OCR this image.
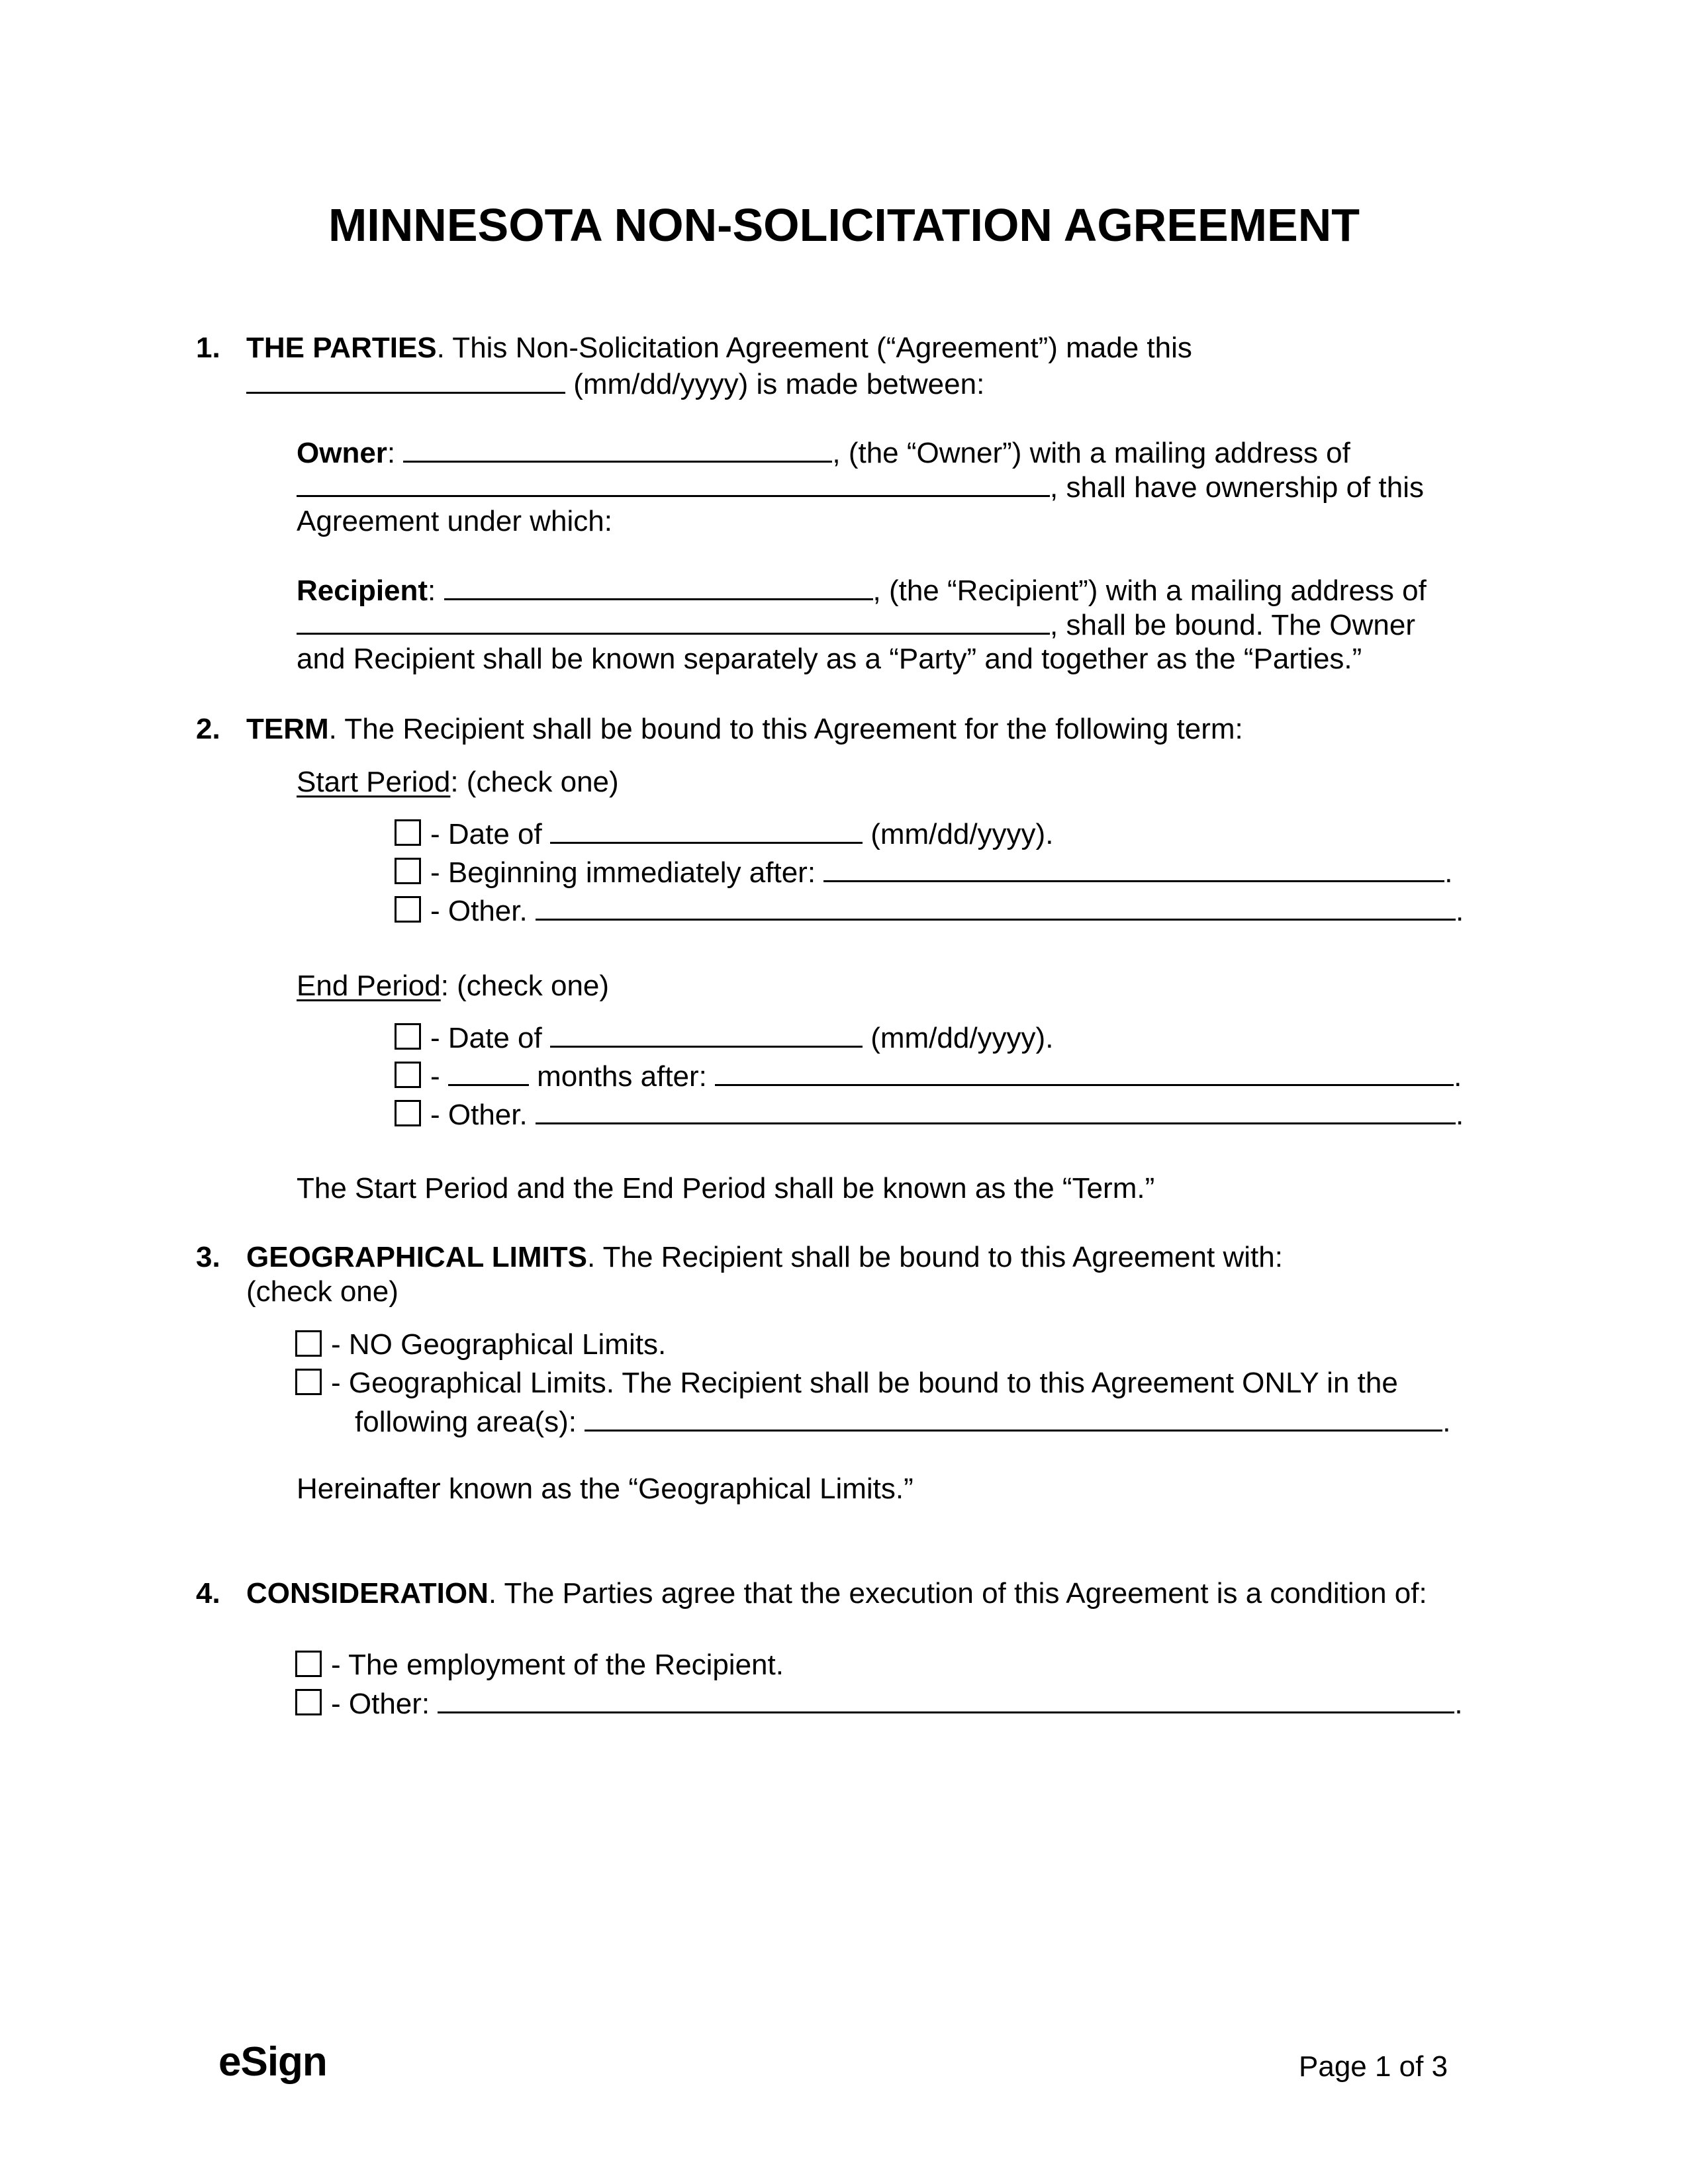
MINNESOTA NON-SOLICITATION AGREEMENT
1. THE PARTIES. This Non-Solicitation Agreement (“Agreement”) made this
(mm/dd/yyyy) is made between:
Owner:	, (the “Owner”) with a mailing address of
, shall have ownership of this
Agreement under which:
Recipient:	, (the “Recipient”) with a mailing address of
, shall be bound. The Owner
and Recipient shall be known separately as a “Party” and together as the “Parties.”
2. TERM. The Recipient shall be bound to this Agreement for the following term:
Start Period: (check one)
- Date of	(mm/dd/yyyy).
- Beginning immediately after:	.
- Other.	.
End Period: (check one)
- Date of	(mm/dd/yyyy).
-	months after:	.
- Other.	.
The Start Period and the End Period shall be known as the “Term.”
3. GEOGRAPHICAL LIMITS. The Recipient shall be bound to this Agreement with:
(check one)
- NO Geographical Limits.
- Geographical Limits. The Recipient shall be bound to this Agreement ONLY in the
following area(s):	.
Hereinafter known as the “Geographical Limits.”
4. CONSIDERATION. The Parties agree that the execution of this Agreement is a condition of:
- The employment of the Recipient.
- Other:	.
eSign	Page 1 of 3
